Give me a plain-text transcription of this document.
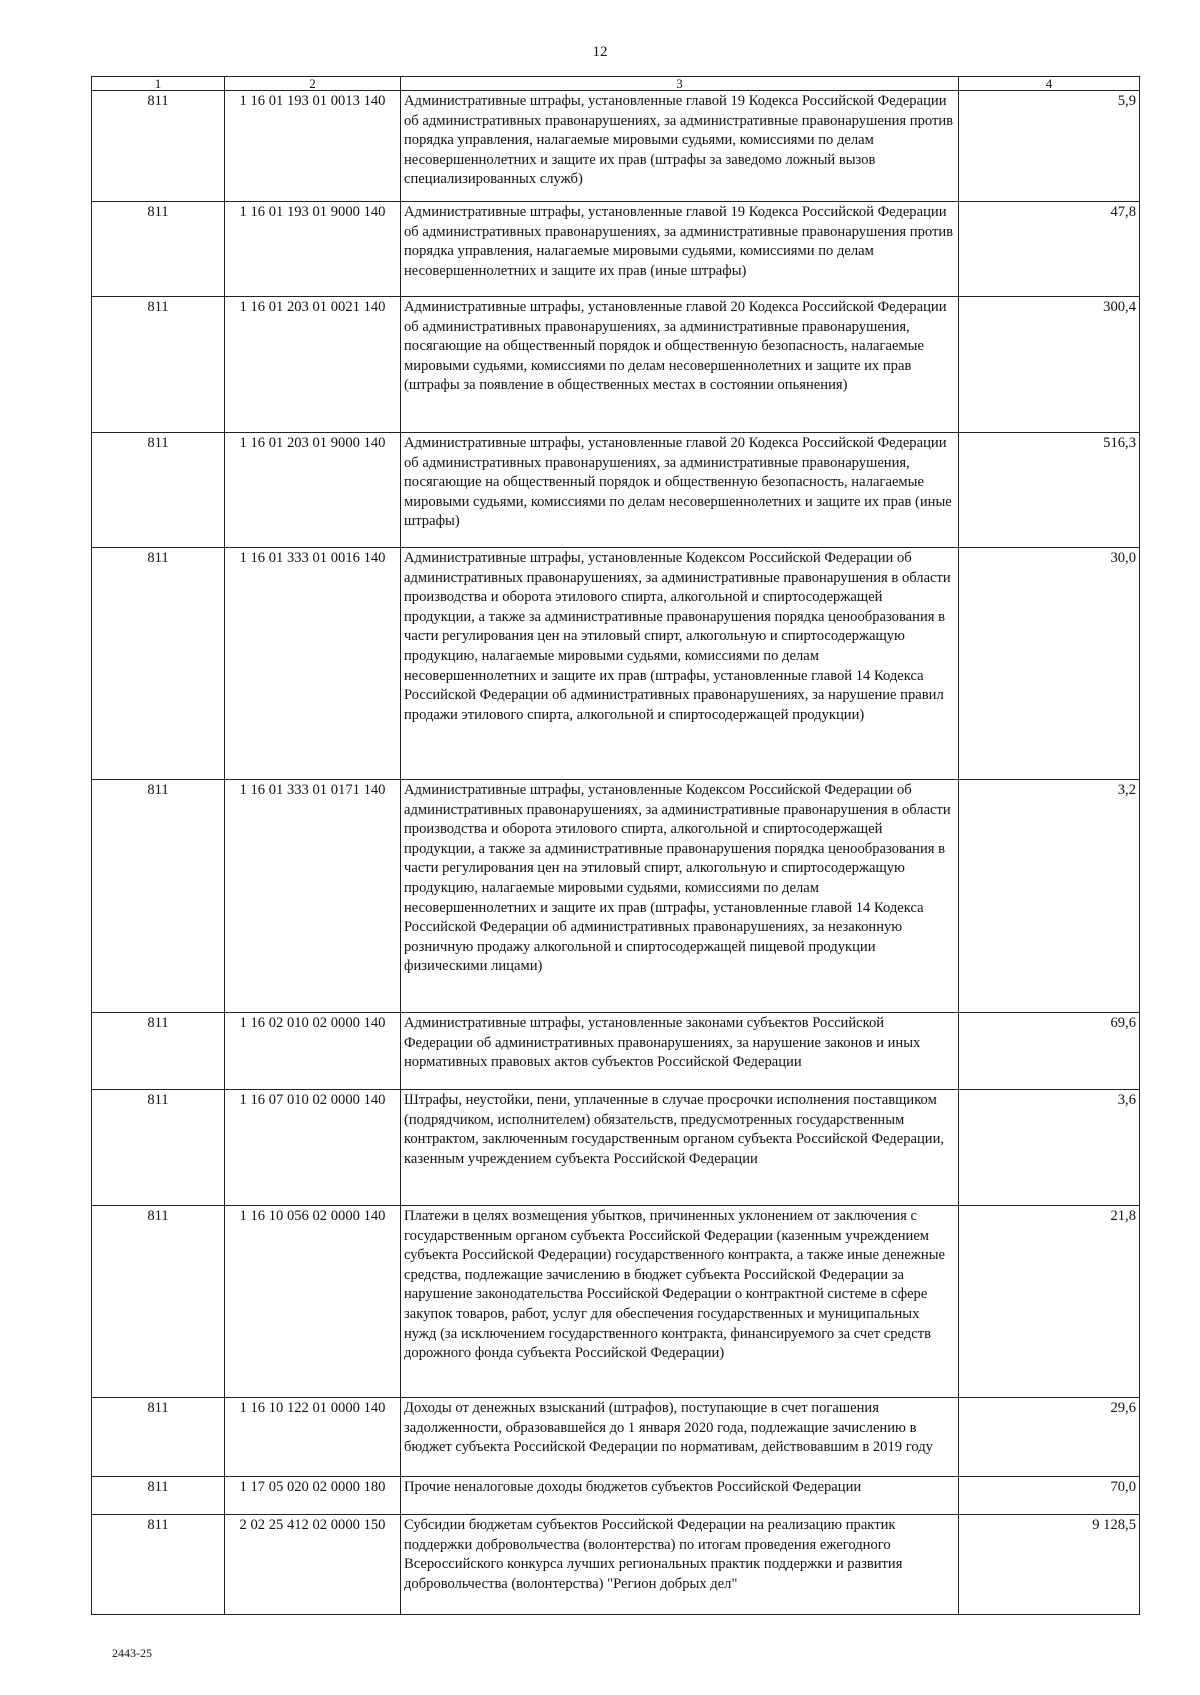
12
1	2	3	4
811	1 16 01 193 01 0013 140	Административные штрафы, установленные главой 19 Кодекса Российской Федерации об административных правонарушениях, за административные правонарушения против порядка управления, налагаемые мировыми судьями, комиссиями по делам несовершеннолетних и защите их прав (штрафы за заведомо ложный вызов специализированных служб)	5,9
811	1 16 01 193 01 9000 140	Административные штрафы, установленные главой 19 Кодекса Российской Федерации об административных правонарушениях, за административные правонарушения против порядка управления, налагаемые мировыми судьями, комиссиями по делам несовершеннолетних и защите их прав (иные штрафы)	47,8
811	1 16 01 203 01 0021 140	Административные штрафы, установленные главой 20 Кодекса Российской Федерации об административных правонарушениях, за административные правонарушения, посягающие на общественный порядок и общественную безопасность, налагаемые мировыми судьями, комиссиями по делам несовершеннолетних и защите их прав (штрафы за появление в общественных местах в состоянии опьянения)	300,4
811	1 16 01 203 01 9000 140	Административные штрафы, установленные главой 20 Кодекса Российской Федерации об административных правонарушениях, за административные правонарушения, посягающие на общественный порядок и общественную безопасность, налагаемые мировыми судьями, комиссиями по делам несовершеннолетних и защите их прав (иные штрафы)	516,3
811	1 16 01 333 01 0016 140	Административные штрафы, установленные Кодексом Российской Федерации об административных правонарушениях, за административные правонарушения в области производства и оборота этилового спирта, алкогольной и спиртосодержащей продукции, а также за административные правонарушения порядка ценообразования в части регулирования цен на этиловый спирт, алкогольную и спиртосодержащую продукцию, налагаемые мировыми судьями, комиссиями по делам несовершеннолетних и защите их прав (штрафы, установленные главой 14 Кодекса Российской Федерации об административных правонарушениях, за нарушение правил продажи этилового спирта, алкогольной и спиртосодержащей продукции)	30,0
811	1 16 01 333 01 0171 140	Административные штрафы, установленные Кодексом Российской Федерации об административных правонарушениях, за административные правонарушения в области производства и оборота этилового спирта, алкогольной и спиртосодержащей продукции, а также за административные правонарушения порядка ценообразования в части регулирования цен на этиловый спирт, алкогольную и спиртосодержащую продукцию, налагаемые мировыми судьями, комиссиями по делам несовершеннолетних и защите их прав (штрафы, установленные главой 14 Кодекса Российской Федерации об административных правонарушениях, за незаконную розничную продажу алкогольной и спиртосодержащей пищевой продукции физическими лицами)	3,2
811	1 16 02 010 02 0000 140	Административные штрафы, установленные законами субъектов Российской Федерации об административных правонарушениях, за нарушение законов и иных нормативных правовых актов субъектов Российской Федерации	69,6
811	1 16 07 010 02 0000 140	Штрафы, неустойки, пени, уплаченные в случае просрочки исполнения поставщиком (подрядчиком, исполнителем) обязательств, предусмотренных государственным контрактом, заключенным государственным органом субъекта Российской Федерации, казенным учреждением субъекта Российской Федерации	3,6
811	1 16 10 056 02 0000 140	Платежи в целях возмещения убытков, причиненных уклонением от заключения с государственным органом субъекта Российской Федерации (казенным учреждением субъекта Российской Федерации) государственного контракта, а также иные денежные средства, подлежащие зачислению в бюджет субъекта Российской Федерации за нарушение законодательства Российской Федерации о контрактной системе в сфере закупок товаров, работ, услуг для обеспечения государственных и муниципальных нужд (за исключением государственного контракта, финансируемого за счет средств дорожного фонда субъекта Российской Федерации)	21,8
811	1 16 10 122 01 0000 140	Доходы от денежных взысканий (штрафов), поступающие в счет погашения задолженности, образовавшейся до 1 января 2020 года, подлежащие зачислению в бюджет субъекта Российской Федерации по нормативам, действовавшим в 2019 году	29,6
811	1 17 05 020 02 0000 180	Прочие неналоговые доходы бюджетов субъектов Российской Федерации	70,0
811	2 02 25 412 02 0000 150	Субсидии бюджетам субъектов Российской Федерации на реализацию практик поддержки добровольчества (волонтерства) по итогам проведения ежегодного Всероссийского конкурса лучших региональных практик поддержки и развития добровольчества (волонтерства) "Регион добрых дел"	9 128,5
2443-25
